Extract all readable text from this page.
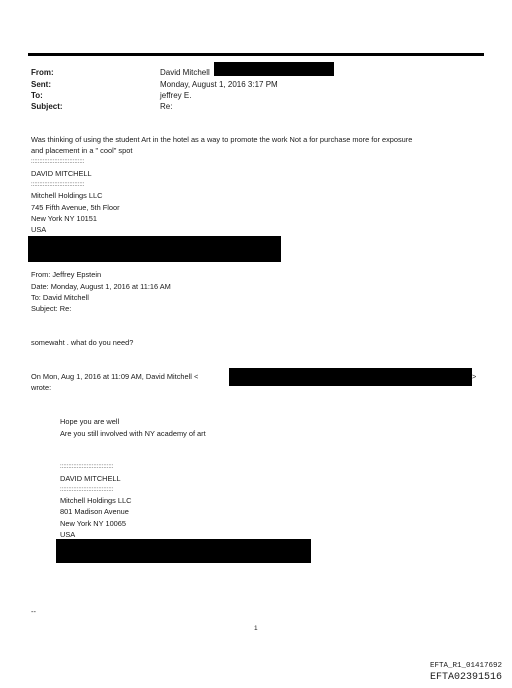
From:	David Mitchell
Sent:	Monday, August 1, 2016 3:17 PM
To:	jeffrey E.
Subject:	Re:
Was thinking of using the student Art in the hotel as a way to promote the work Not a for purchase more for exposure
and placement in a " cool" spot
::::::::::::::::::::::::::::::::
DAVID MITCHELL
::::::::::::::::::::::::::::::::
Mitchell Holdings LLC
745 Fifth Avenue, 5th Floor
New York NY 10151
USA
From: Jeffrey Epstein
Date: Monday, August 1, 2016 at 11:16 AM
To: David Mitchell
Subject: Re:
somewaht . what do you need?
On Mon, Aug 1, 2016 at 11:09 AM, David Mitchell <	>
wrote:
Hope you are well
Are you still involved with NY academy of art
::::::::::::::::::::::::::::::::
DAVID MITCHELL
::::::::::::::::::::::::::::::::
Mitchell Holdings LLC
801 Madison Avenue
New York NY 10065
USA
--
1
EFTA_R1_01417692
EFTA02391516
